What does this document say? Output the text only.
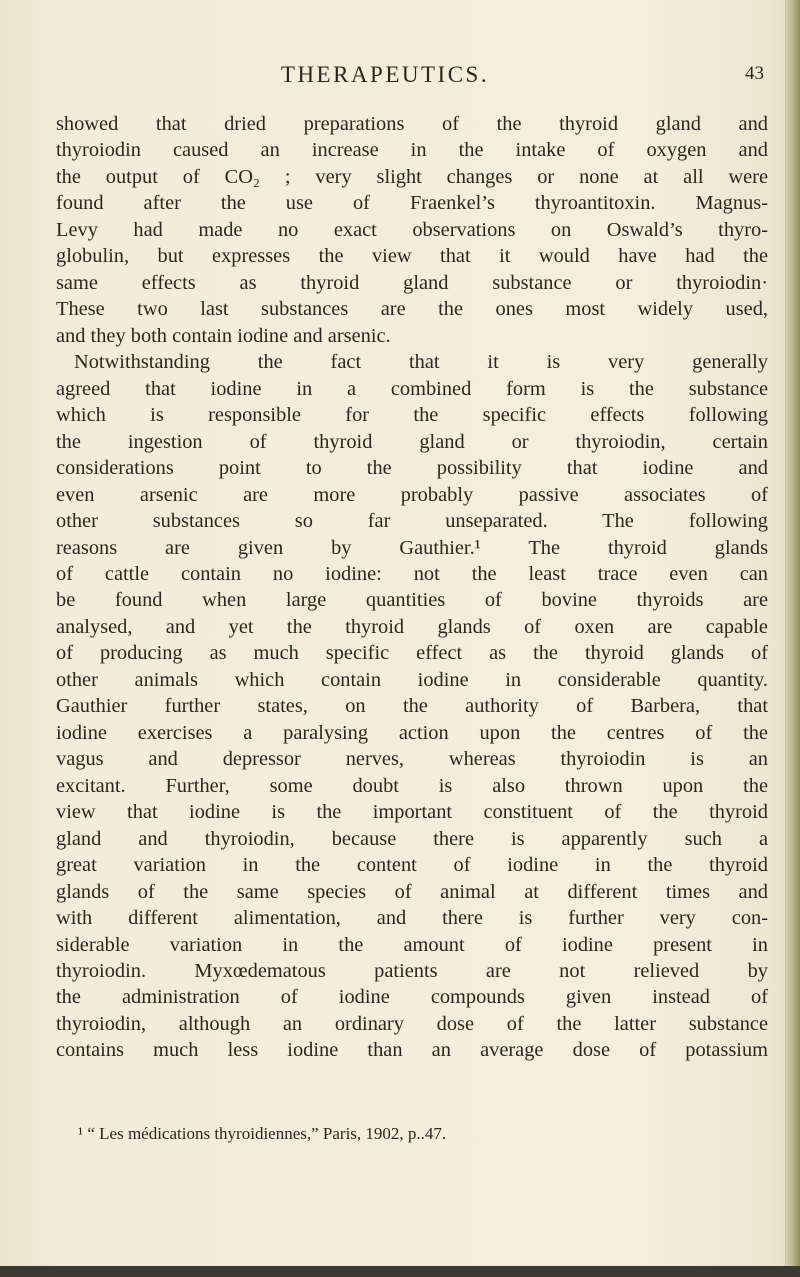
THERAPEUTICS.	43
showed that dried preparations of the thyroid gland and
thyroiodin caused an increase in the intake of oxygen and
the output of CO₂ ; very slight changes or none at all were
found after the use of Fraenkel’s thyroantitoxin. Magnus-
Levy had made no exact observations on Oswald’s thyro-
globulin, but expresses the view that it would have had the
same effects as thyroid gland substance or thyroiodin·
These two last substances are the ones most widely used,
and they both contain iodine and arsenic.
Notwithstanding the fact that it is very generally
agreed that iodine in a combined form is the substance
which is responsible for the specific effects following
the ingestion of thyroid gland or thyroiodin, certain
considerations point to the possibility that iodine and
even arsenic are more probably passive associates of
other substances so far unseparated. The following
reasons are given by Gauthier.¹ The thyroid glands
of cattle contain no iodine: not the least trace even can
be found when large quantities of bovine thyroids are
analysed, and yet the thyroid glands of oxen are capable
of producing as much specific effect as the thyroid glands of
other animals which contain iodine in considerable quantity.
Gauthier further states, on the authority of Barbera, that
iodine exercises a paralysing action upon the centres of the
vagus and depressor nerves, whereas thyroiodin is an
excitant. Further, some doubt is also thrown upon the
view that iodine is the important constituent of the thyroid
gland and thyroiodin, because there is apparently such a
great variation in the content of iodine in the thyroid
glands of the same species of animal at different times and
with different alimentation, and there is further very con-
siderable variation in the amount of iodine present in
thyroiodin. Myxœdematous patients are not relieved by
the administration of iodine compounds given instead of
thyroiodin, although an ordinary dose of the latter substance
contains much less iodine than an average dose of potassium
¹ “ Les médications thyroidiennes,” Paris, 1902, p..47.
